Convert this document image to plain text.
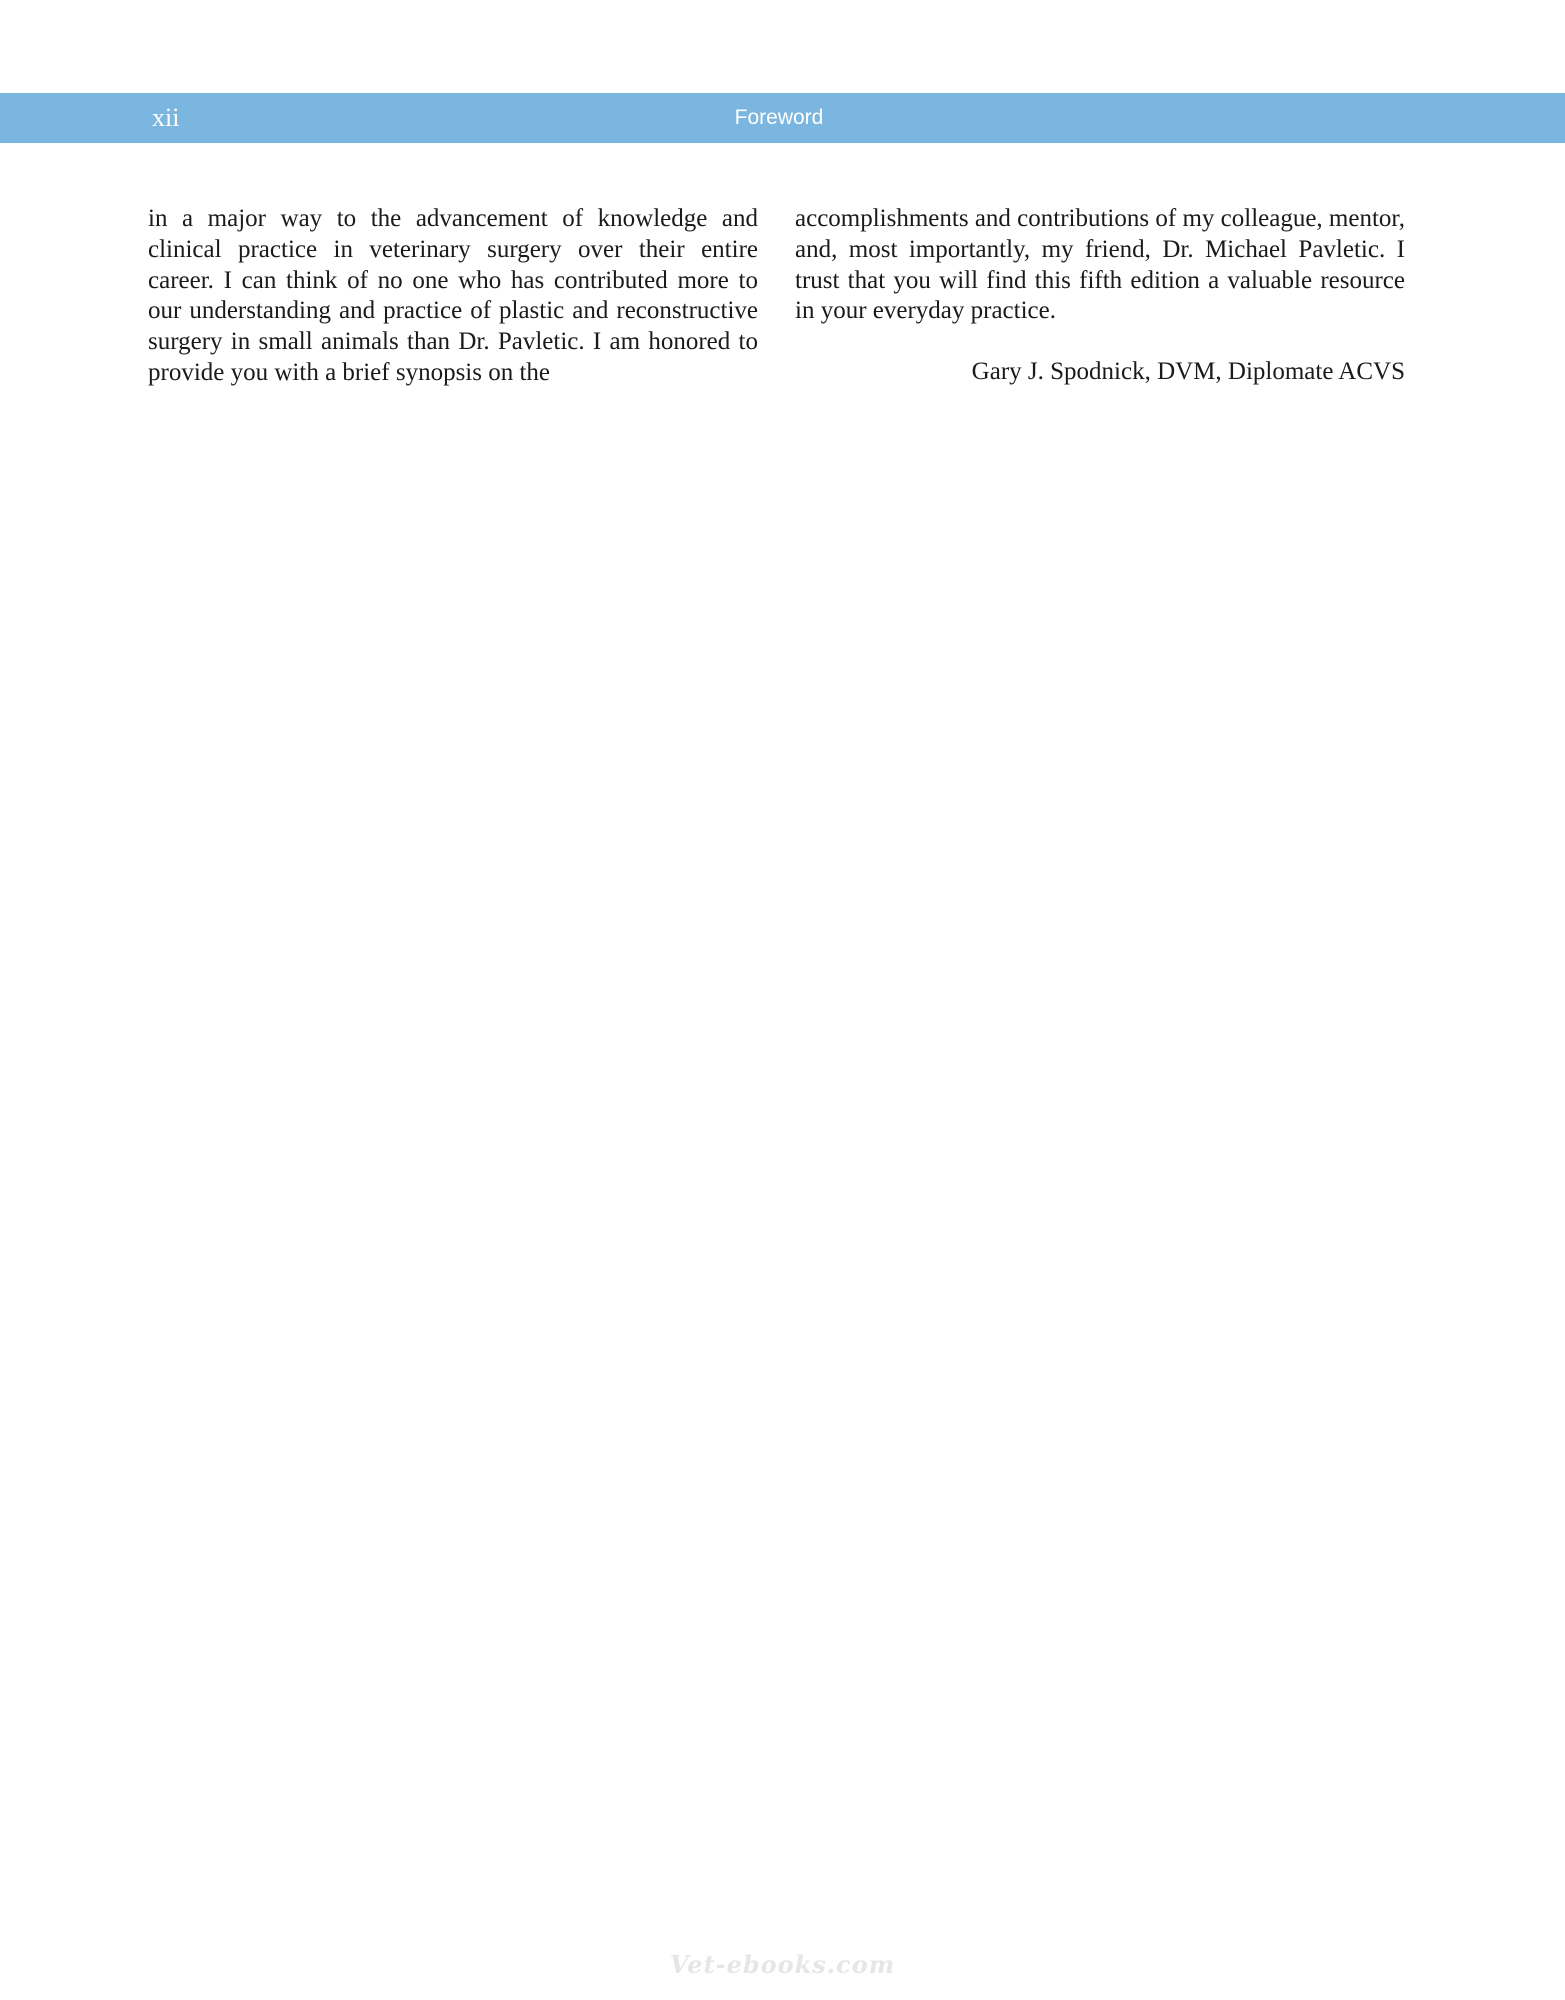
xii	Foreword

in a major way to the advancement of knowledge and clinical practice in veterinary surgery over their entire career. I can think of no one who has contributed more to our understanding and practice of plastic and reconstructive surgery in small animals than Dr. Pavletic. I am honored to provide you with a brief synopsis on the

accomplishments and contributions of my colleague, mentor, and, most importantly, my friend, Dr. Michael Pavletic. I trust that you will find this fifth edition a valuable resource in your everyday practice.

Gary J. Spodnick, DVM, Diplomate ACVS

Vet-ebooks.com
